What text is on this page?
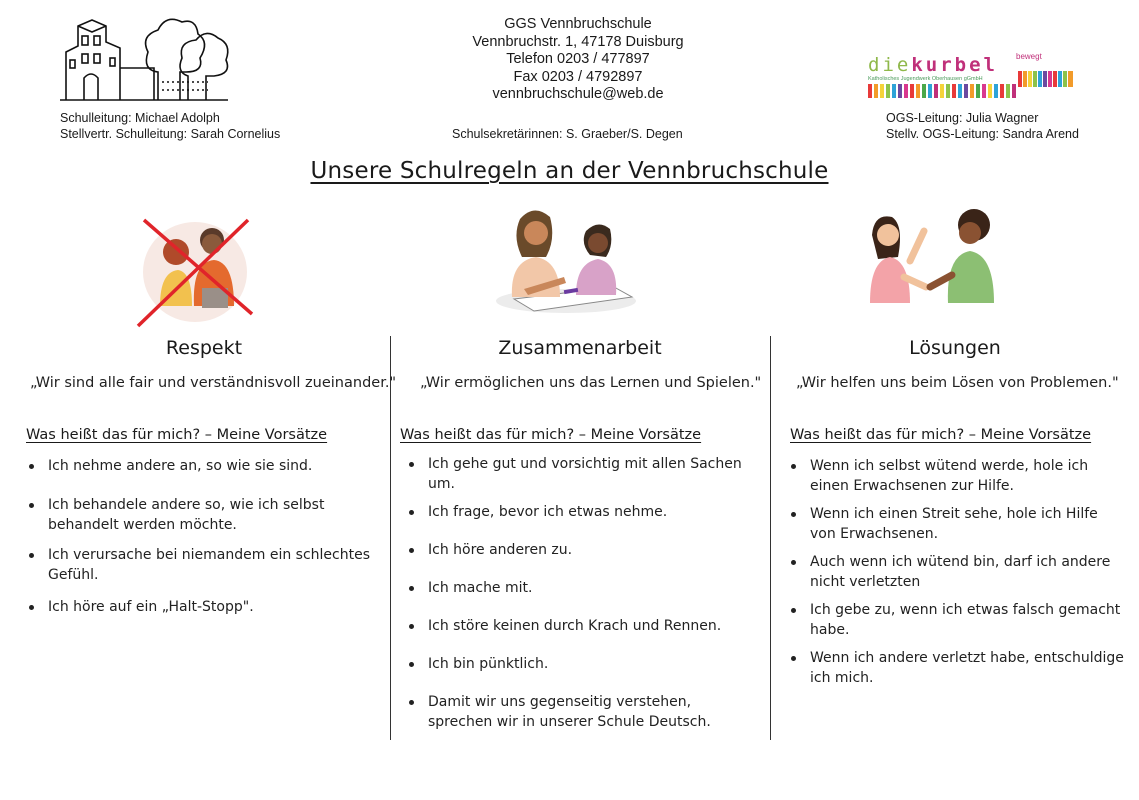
Schulleitung: Michael Adolph
Stellvertr. Schulleitung: Sarah Cornelius
GGS Vennbruchschule
Vennbruchstr. 1, 47178 Duisburg
Telefon 0203 / 477897
Fax 0203 / 4792897
vennbruchschule@web.de
Schulsekretärinnen: S. Graeber/S. Degen
diekurbel bewegt
Katholisches Jugendwerk Oberhausen gGmbH
OGS-Leitung: Julia Wagner
Stellv. OGS-Leitung: Sandra Arend
Unsere Schulregeln an der Vennbruchschule
Respekt
„Wir sind alle fair und verständnisvoll zueinander."
Was heißt das für mich? – Meine Vorsätze
Ich nehme andere an, so wie sie sind.
Ich behandele andere so, wie ich selbst behandelt werden möchte.
Ich verursache bei niemandem ein schlechtes Gefühl.
Ich höre auf ein „Halt-Stopp".
Zusammenarbeit
„Wir ermöglichen uns das Lernen und Spielen."
Was heißt das für mich? – Meine Vorsätze
Ich gehe gut und vorsichtig mit allen Sachen um.
Ich frage, bevor ich etwas nehme.
Ich höre anderen zu.
Ich mache mit.
Ich störe keinen durch Krach und Rennen.
Ich bin pünktlich.
Damit wir uns gegenseitig verstehen, sprechen wir in unserer Schule Deutsch.
Lösungen
„Wir helfen uns beim Lösen von Problemen."
Was heißt das für mich? – Meine Vorsätze
Wenn ich selbst wütend werde, hole ich einen Erwachsenen zur Hilfe.
Wenn ich einen Streit sehe, hole ich Hilfe von Erwachsenen.
Auch wenn ich wütend bin, darf ich andere nicht verletzten
Ich gebe zu, wenn ich etwas falsch gemacht habe.
Wenn ich andere verletzt habe, entschuldige ich mich.
